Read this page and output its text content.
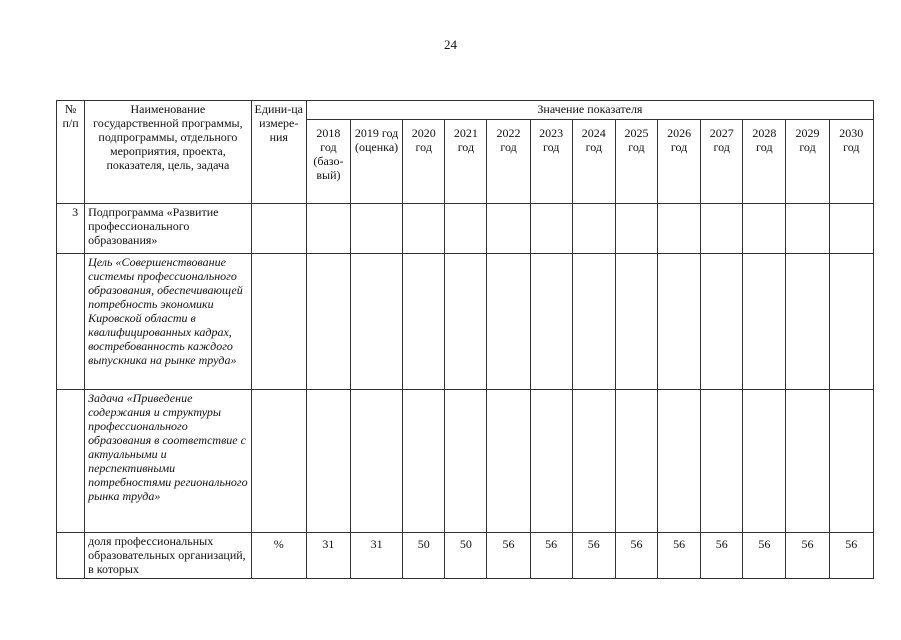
24
№ п/п	Наименование государственной программы, подпрограммы, отдельного мероприятия, проекта, показателя, цель, задача	Едини-ца измере-ния	Значение показателя												
			2018 год (базо-вый)	2019 год (оценка)	2020 год	2021 год	2022 год	2023 год	2024 год	2025 год	2026 год	2027 год	2028 год	2029 год	2030 год
3	Подпрограмма «Развитие профессионального образования»														
	Цель «Совершенствование системы профессионального образования, обеспечивающей потребность экономики Кировской области в квалифицированных кадрах, востребованность каждого выпускника на рынке труда»														
	Задача «Приведение содержания и структуры профессионального образования в соответствие с актуальными и перспективными потребностями регионального рынка труда»														
	доля профессиональных образовательных организаций, в которых	%	31	31	50	50	56	56	56	56	56	56	56	56	56
